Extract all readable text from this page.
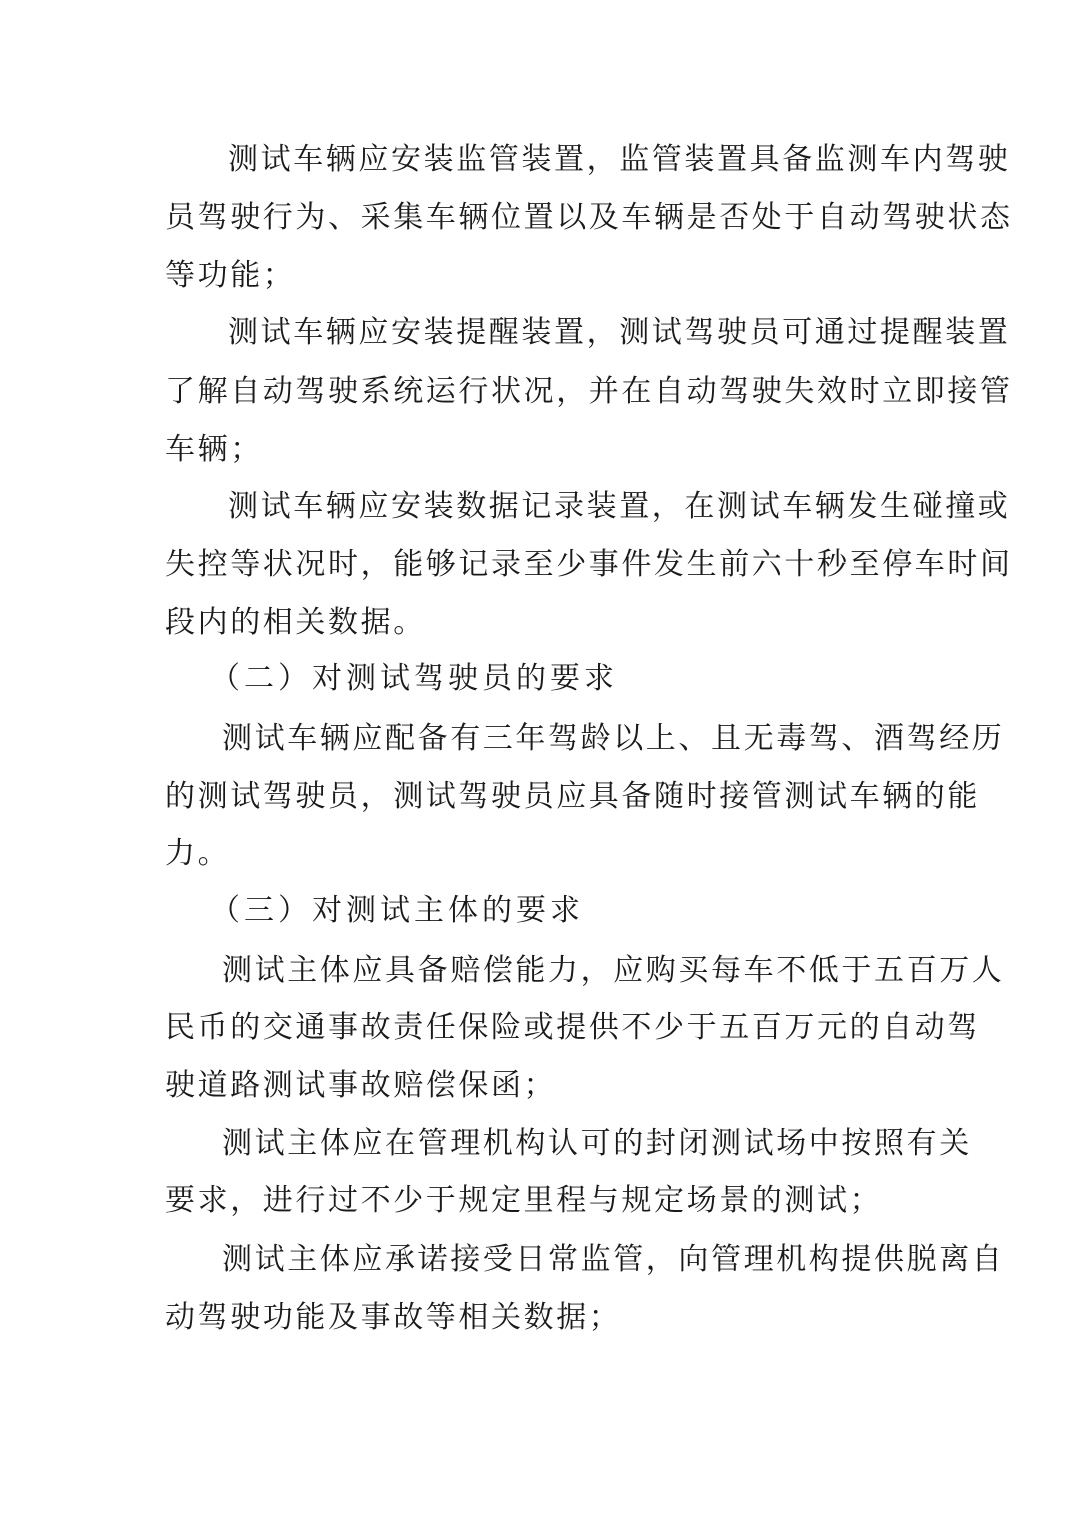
测试车辆应安装监管装置，监管装置具备监测车内驾驶
员驾驶行为、采集车辆位置以及车辆是否处于自动驾驶状态
等功能；
测试车辆应安装提醒装置，测试驾驶员可通过提醒装置
了解自动驾驶系统运行状况，并在自动驾驶失效时立即接管
车辆；
测试车辆应安装数据记录装置，在测试车辆发生碰撞或
失控等状况时，能够记录至少事件发生前六十秒至停车时间
段内的相关数据。
（二）对测试驾驶员的要求
测试车辆应配备有三年驾龄以上、且无毒驾、酒驾经历
的测试驾驶员，测试驾驶员应具备随时接管测试车辆的能
力。
（三）对测试主体的要求
测试主体应具备赔偿能力，应购买每车不低于五百万人
民币的交通事故责任保险或提供不少于五百万元的自动驾
驶道路测试事故赔偿保函；
测试主体应在管理机构认可的封闭测试场中按照有关
要求，进行过不少于规定里程与规定场景的测试；
测试主体应承诺接受日常监管，向管理机构提供脱离自
动驾驶功能及事故等相关数据；
